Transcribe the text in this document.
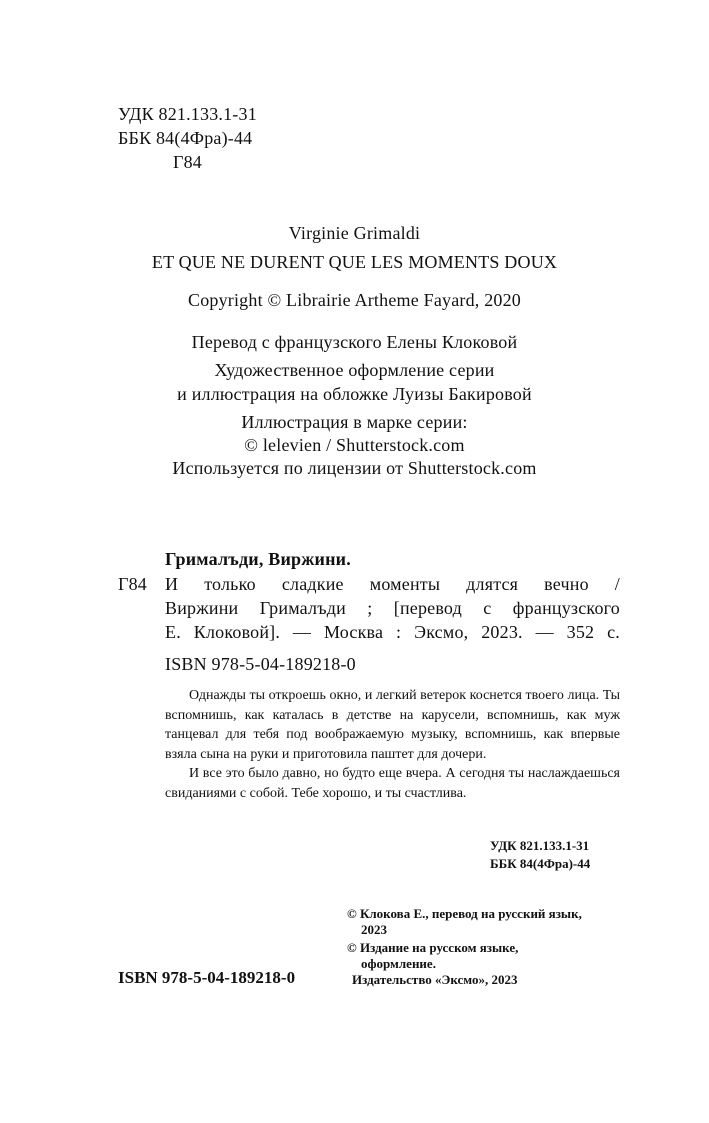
УДК 821.133.1-31
ББК 84(4Фра)-44
Г84
Virginie Grimaldi
ET QUE NE DURENT QUE LES MOMENTS DOUX
Copyright © Librairie Artheme Fayard, 2020
Перевод с французского Елены Клоковой
Художественное оформление серии
и иллюстрация на обложке Луизы Бакировой
Иллюстрация в марке серии:
© lelevien / Shutterstock.com
Используется по лицензии от Shutterstock.com
Грималъди, Виржини.
Г84 И только сладкие моменты длятся вечно /
Виржини Грималъди ; [перевод с французского
Е. Клоковой]. — Москва : Эксмо, 2023. — 352 с.
ISBN 978-5-04-189218-0

Однажды ты откроешь окно, и легкий ветерок коснется твоего лица. Ты вспомнишь, как каталась в детстве на карусели, вспомнишь, как муж танцевал для тебя под воображаемую музыку, вспомнишь, как впервые взяла сына на руки и приготовила паштет для дочери.

И все это было давно, но будто еще вчера. А сегодня ты наслаждаешься свиданиями с собой. Тебе хорошо, и ты счастлива.

УДК 821.133.1-31
ББК 84(4Фра)-44
© Клокова Е., перевод на русский язык,
2023
© Издание на русском языке,
оформление.
Издательство «Эксмо», 2023
ISBN 978-5-04-189218-0
